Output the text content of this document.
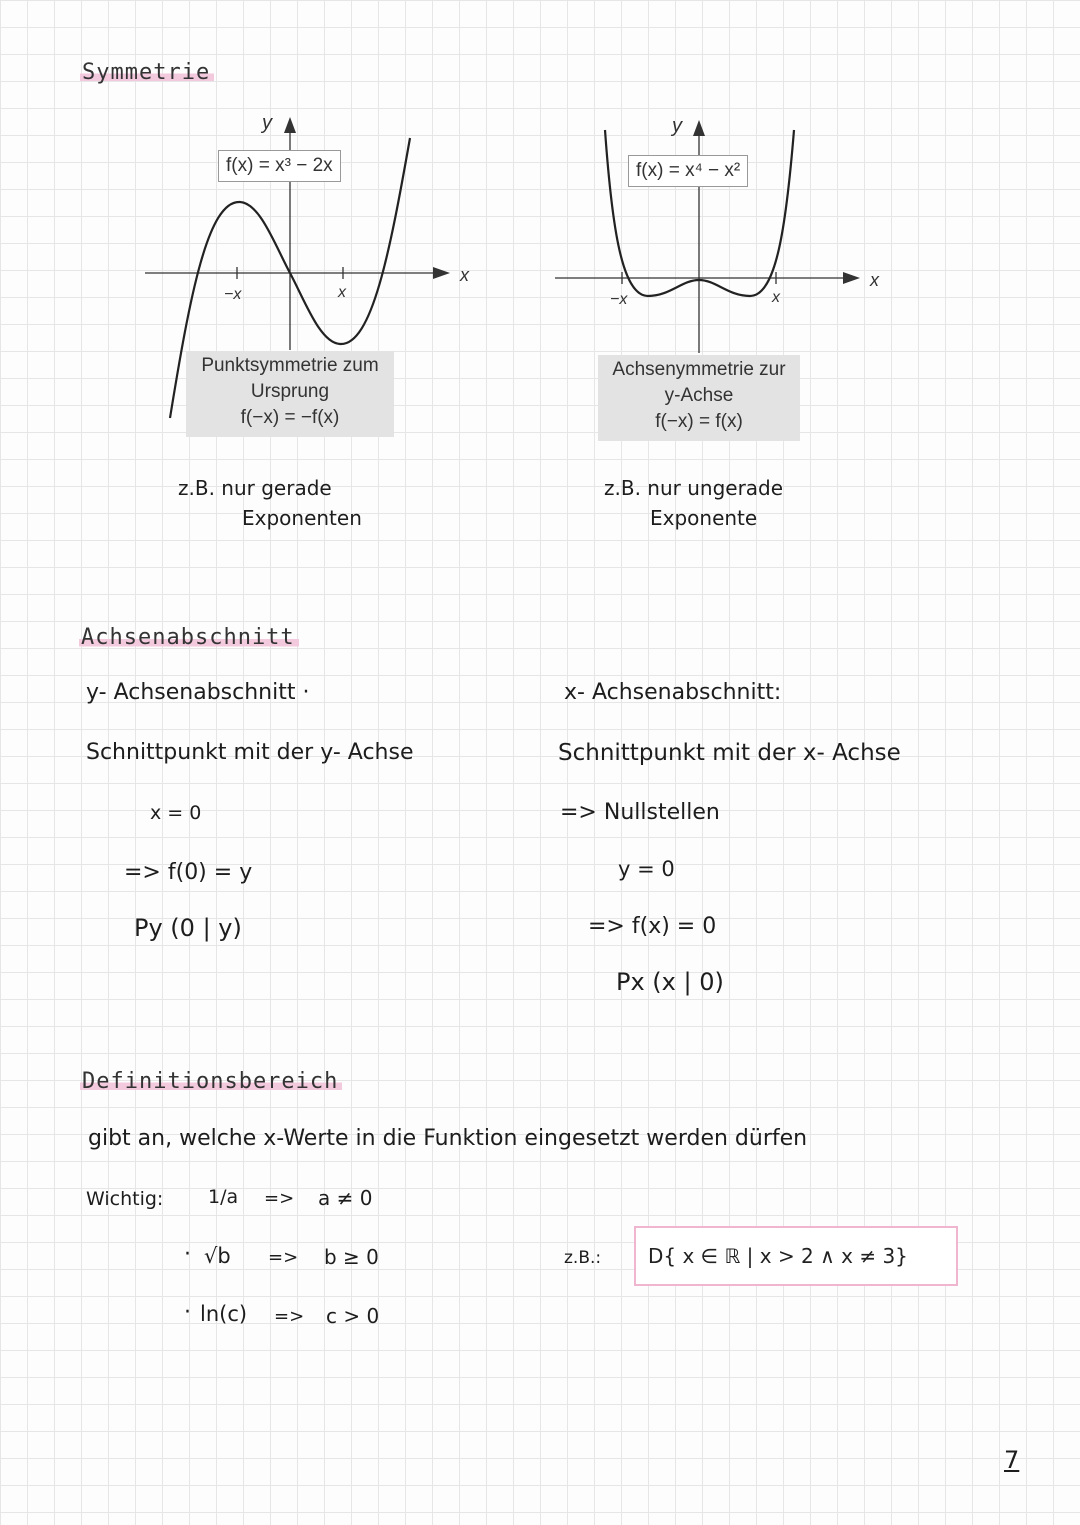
Symmetrie
y
x
−x	x
f(x) = x³ − 2x
Punktsymmetrie zum
Ursprung
f(−x) = −f(x)
y
x
−x	x
f(x) = x⁴ − x²
Achsenymmetrie zur
y-Achse
f(−x) = f(x)
z.B. nur gerade
Exponenten
z.B. nur ungerade
Exponente
Achsenabschnitt
y- Achsenabschnitt ·
Schnittpunkt mit der y- Achse
x = 0
=> f(0) = y
Py (0 | y)
x- Achsenabschnitt:
Schnittpunkt mit der x- Achse
=> Nullstellen
y = 0
=> f(x) = 0
Px (x | 0)
Definitionsbereich
gibt an, welche x-Werte in die Funktion eingesetzt werden dürfen
Wichtig: 1/a => a ≠ 0
· √b => b ≥ 0
· ln(c) => c > 0
z.B.:	D{ x ∈ ℝ | x > 2 ∧ x ≠ 3}
7
